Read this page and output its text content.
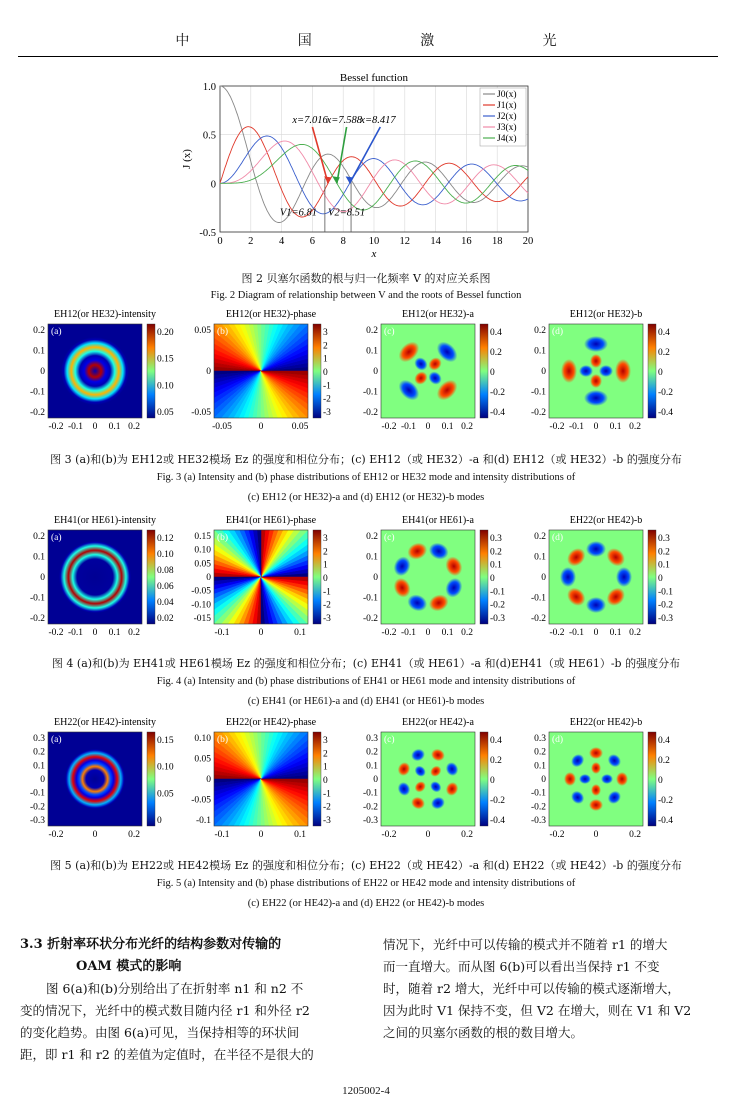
中 国 激 光
Bessel function
0 2 4 6 8 10 12 14 16 18 20
-0.5
0
0.5
1.0
J0(x)
J1(x)
J2(x)
J3(x)
J4(x)
V1=6.81 V2=8.51
x=7.016
x=7.588
x=8.417
x
J (x)
图 2 贝塞尔函数的根与归一化频率 V 的对应关系图
Fig. 2 Diagram of relationship between V and the roots of Bessel function
EH12(or HE32)-intensity
(a)
0.2
0.1
0
-0.1
-0.2
-0.2 -0.1 0 0.1 0.2
0.20
0.15
0.10
0.05
EH12(or HE32)-phase
(b)
0.05
0
-0.05
-0.05	0	0.05
3
2
1
0
-1
-2
-3
EH12(or HE32)-a
(c)
0.2
0.1
0
-0.1
-0.2
-0.2 -0.1 0 0.1 0.2
0.4
0.2
0
-0.2
-0.4
EH12(or HE32)-b
(d)
0.2
0.1
0
-0.1
-0.2
-0.2 -0.1 0 0.1 0.2
0.4
0.2
0
-0.2
-0.4
图 3 (a)和(b)为 EH12或 HE32模场 Ez 的强度和相位分布；(c) EH12（或 HE32）-a 和(d) EH12（或 HE32）-b 的强度分布
Fig. 3 (a) Intensity and (b) phase distributions of EH12 or HE32 mode and intensity distributions of
(c) EH12 (or HE32)-a and (d) EH12 (or HE32)-b modes
EH41(or HE61)-intensity
(a)
0.2
0.1
0
-0.1
-0.2
-0.2 -0.1 0 0.1 0.2
0.12
0.10
0.08
0.06
0.04
0.02
EH41(or HE61)-phase
(b)
0.15
0.10
0.05
0
-0.05
-0.10
-015
-0.1	0	0.1
3
2
1
0
-1
-2
-3
EH41(or HE61)-a
(c)
0.2
0.1
0
-0.1
-0.2
-0.2 -0.1 0 0.1 0.2
0.3
0.2
0.1
0
-0.1
-0.2
-0.3
EH22(or HE42)-b
(d)
0.2
0.1
0
-0.1
-0.2
-0.2 -0.1 0 0.1 0.2
0.3
0.2
0.1
0
-0.1
-0.2
-0.3
图 4 (a)和(b)为 EH41或 HE61模场 Ez 的强度和相位分布；(c) EH41（或 HE61）-a 和(d)EH41（或 HE61）-b 的强度分布
Fig. 4 (a) Intensity and (b) phase distributions of EH41 or HE61 mode and intensity distributions of
(c) EH41 (or HE61)-a and (d) EH41 (or HE61)-b modes
EH22(or HE42)-intensity
(a)
0.3
0.2
0.1
0
-0.1
-0.2
-0.3
-0.2	0	0.2
0.15
0.10
0.05
0
EH22(or HE42)-phase
(b)
0.10
0.05
0
-0.05
-0.1
-0.1	0	0.1
3
2
1
0
-1
-2
-3
EH22(or HE42)-a
(c)
0.3
0.2
0.1
0
-0.1
-0.2
-0.3
-0.2	0	0.2
0.4
0.2
0
-0.2
-0.4
EH22(or HE42)-b
(d)
0.3
0.2
0.1
0
-0.1
-0.2
-0.3
-0.2	0	0.2
0.4
0.2
0
-0.2
-0.4
图 5 (a)和(b)为 EH22或 HE42模场 Ez 的强度和相位分布；(c) EH22（或 HE42）-a 和(d) EH22（或 HE42）-b 的强度分布
Fig. 5 (a) Intensity and (b) phase distributions of EH22 or HE42 mode and intensity distributions of
(c) EH22 (or HE42)-a and (d) EH22 (or HE42)-b modes
3.3 折射率环状分布光纤的结构参数对传输的
OAM 模式的影响
图 6(a)和(b)分别给出了在折射率 n1 和 n2 不
变的情况下，光纤中的模式数目随内径 r1 和外径 r2
的变化趋势。由图 6(a)可见，当保持相等的环状间
距，即 r1 和 r2 的差值为定值时，在半径不是很大的
情况下，光纤中可以传输的模式并不随着 r1 的增大
而一直增大。而从图 6(b)可以看出当保持 r1 不变
时，随着 r2 增大，光纤中可以传输的模式逐渐增大，
因为此时 V1 保持不变，但 V2 在增大，则在 V1 和 V2
之间的贝塞尔函数的根的数目增大。
1205002-4
